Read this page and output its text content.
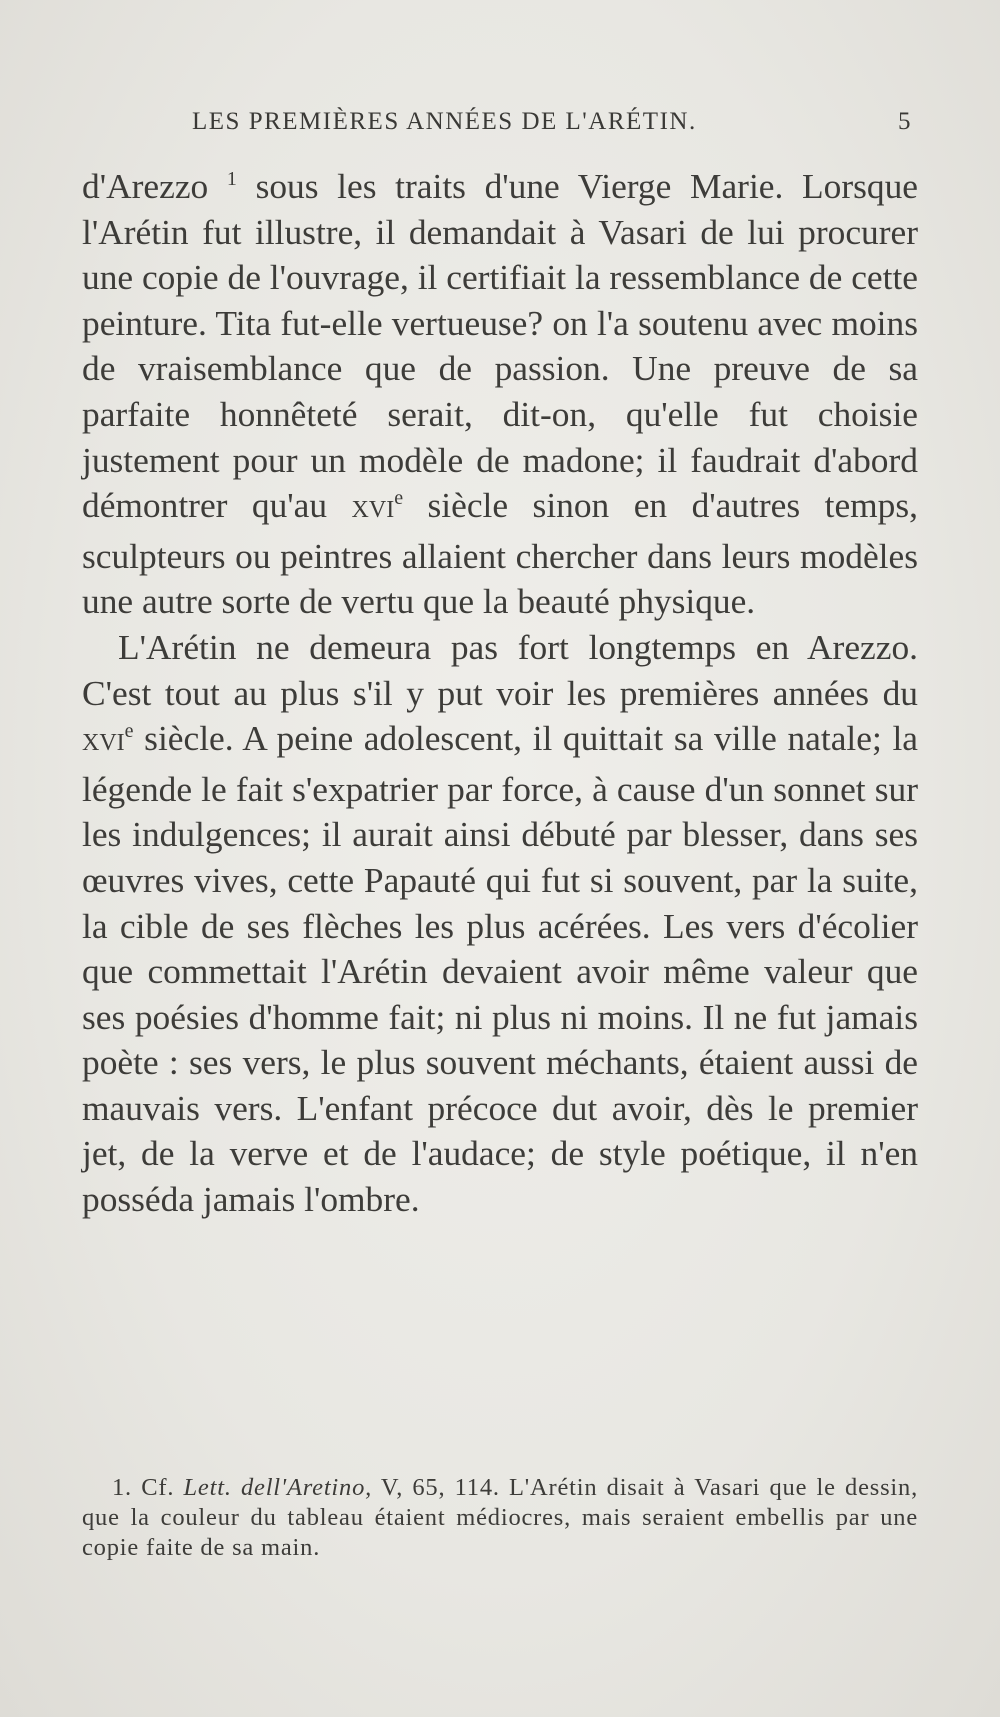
LES PREMIÈRES ANNÉES DE L'ARÉTIN.	5

d'Arezzo $^1$ sous les traits d'une Vierge Marie. Lorsque l'Arétin fut illustre, il demandait à Vasari de lui procurer une copie de l'ouvrage, il certifiait la ressemblance de cette peinture. Tita fut-elle vertueuse? on l'a soutenu avec moins de vraisemblance que de passion. Une preuve de sa parfaite honnêteté serait, dit-on, qu'elle fut choisie justement pour un modèle de madone; il faudrait d'abord démontrer qu'au XVIe siècle sinon en d'autres temps, sculpteurs ou peintres allaient chercher dans leurs modèles une autre sorte de vertu que la beauté physique.

L'Arétin ne demeura pas fort longtemps en Arezzo. C'est tout au plus s'il y put voir les premières années du XVIe siècle. A peine adolescent, il quittait sa ville natale; la légende le fait s'expatrier par force, à cause d'un sonnet sur les indulgences; il aurait ainsi débuté par blesser, dans ses œuvres vives, cette Papauté qui fut si souvent, par la suite, la cible de ses flèches les plus acérées. Les vers d'écolier que commettait l'Arétin devaient avoir même valeur que ses poésies d'homme fait; ni plus ni moins. Il ne fut jamais poète : ses vers, le plus souvent méchants, étaient aussi de mauvais vers. L'enfant précoce dut avoir, dès le premier jet, de la verve et de l'audace; de style poétique, il n'en posséda jamais l'ombre.

1. Cf. Lett. dell'Aretino, V, 65, 114. L'Arétin disait à Vasari que le dessin, que la couleur du tableau étaient médiocres, mais seraient embellis par une copie faite de sa main.
